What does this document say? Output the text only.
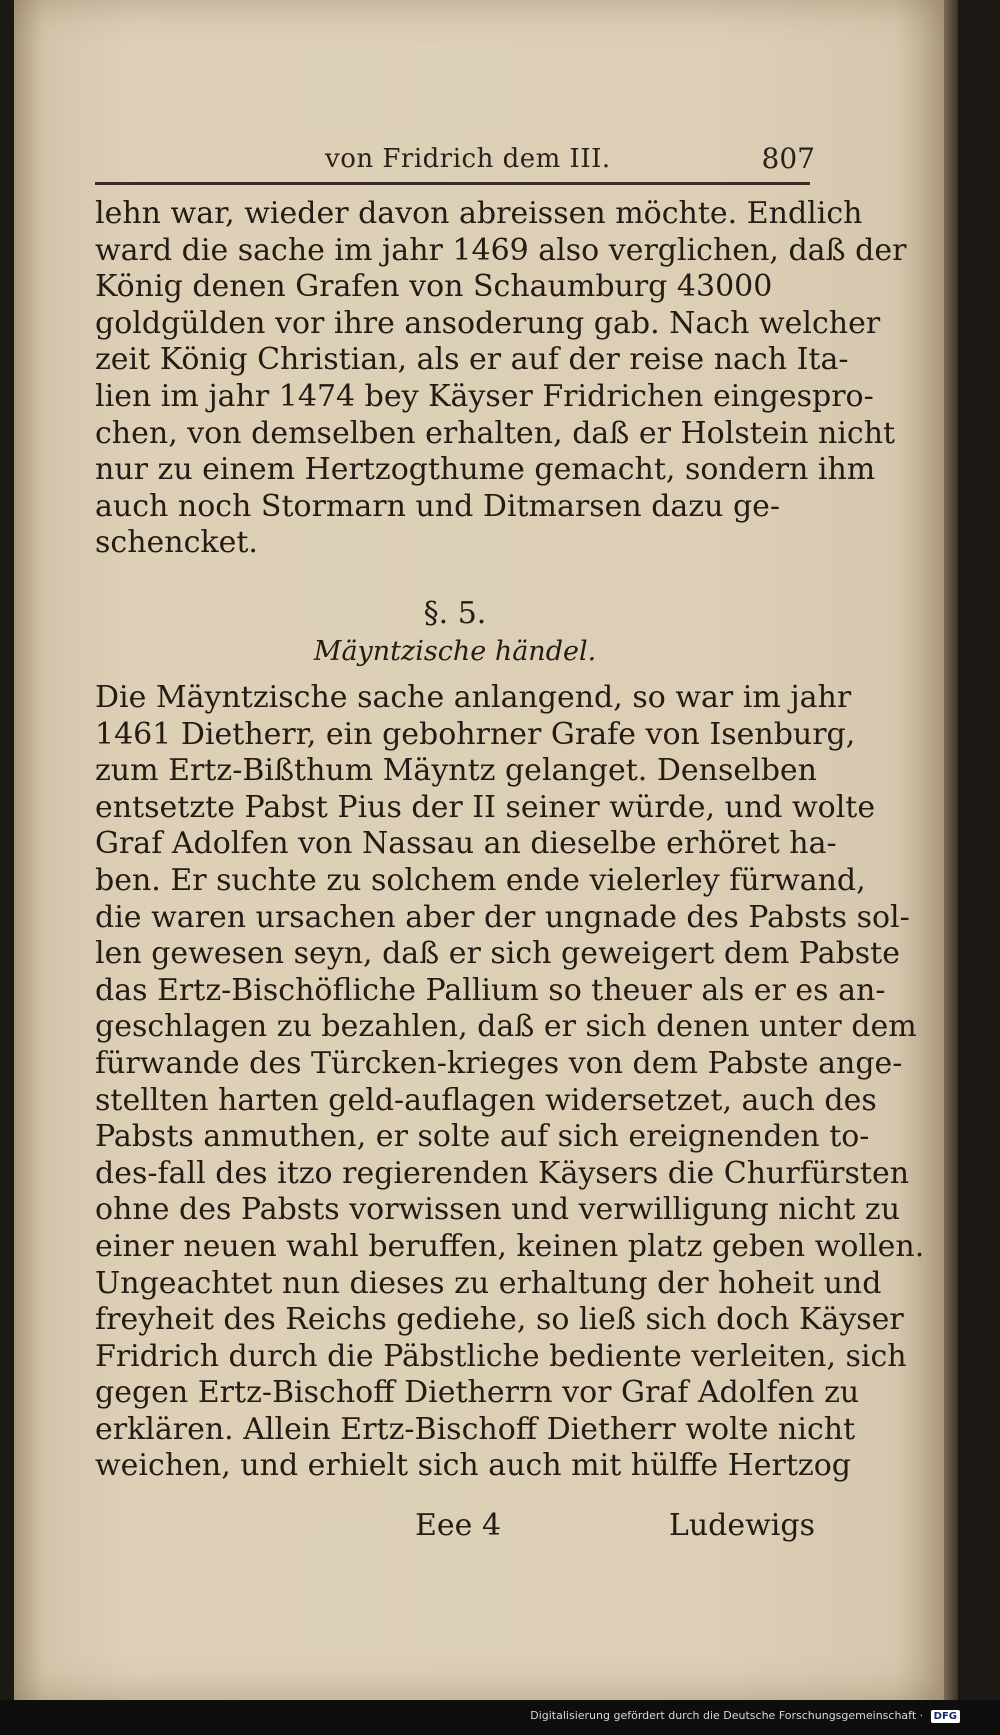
von Fridrich dem III.	807
lehn war, wieder davon abreissen möchte. Endlich
ward die sache im jahr 1469 also verglichen, daß der
König denen Grafen von Schaumburg 43000
goldgülden vor ihre ansoderung gab. Nach welcher
zeit König Christian, als er auf der reise nach Ita-
lien im jahr 1474 bey Käyser Fridrichen eingespro-
chen, von demselben erhalten, daß er Holstein nicht
nur zu einem Hertzogthume gemacht, sondern ihm
auch noch Stormarn und Ditmarsen dazu ge-
schencket.
§. 5.
Mäyntzische händel.
Die Mäyntzische sache anlangend, so war im jahr
1461 Dietherr, ein gebohrner Grafe von Isenburg,
zum Ertz-Bißthum Mäyntz gelanget. Denselben
entsetzte Pabst Pius der II seiner würde, und wolte
Graf Adolfen von Nassau an dieselbe erhöret ha-
ben. Er suchte zu solchem ende vielerley fürwand,
die waren ursachen aber der ungnade des Pabsts sol-
len gewesen seyn, daß er sich geweigert dem Pabste
das Ertz-Bischöfliche Pallium so theuer als er es an-
geschlagen zu bezahlen, daß er sich denen unter dem
fürwande des Türcken-krieges von dem Pabste ange-
stellten harten geld-auflagen widersetzet, auch des
Pabsts anmuthen, er solte auf sich ereignenden to-
des-fall des itzo regierenden Käysers die Churfürsten
ohne des Pabsts vorwissen und verwilligung nicht zu
einer neuen wahl beruffen, keinen platz geben wollen.
Ungeachtet nun dieses zu erhaltung der hoheit und
freyheit des Reichs gediehe, so ließ sich doch Käyser
Fridrich durch die Päbstliche bediente verleiten, sich
gegen Ertz-Bischoff Dietherrn vor Graf Adolfen zu
erklären. Allein Ertz-Bischoff Dietherr wolte nicht
weichen, und erhielt sich auch mit hülffe Hertzog
Eee 4	Ludewigs
Digitalisierung gefördert durch die Deutsche Forschungsgemeinschaft · DFG
